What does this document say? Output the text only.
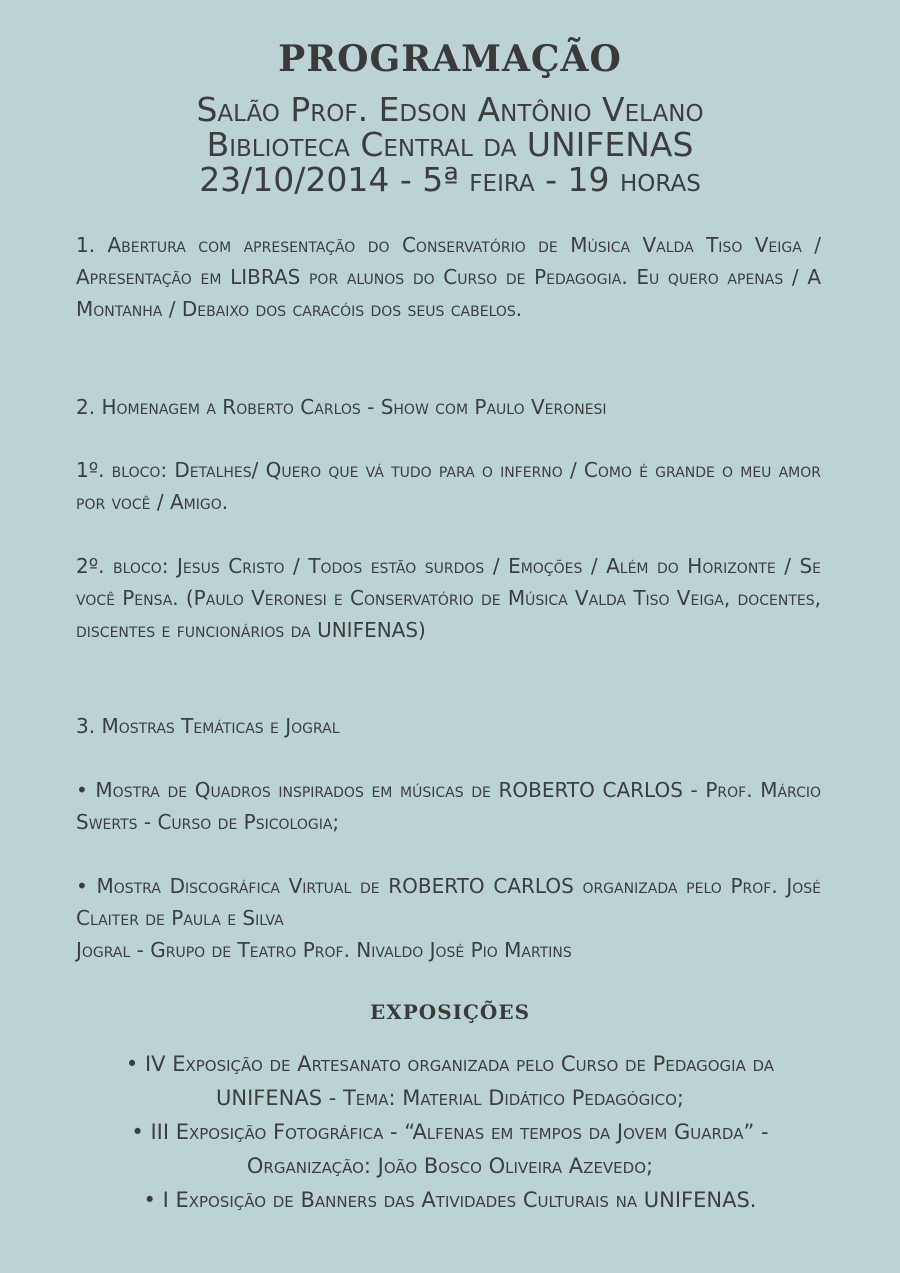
PROGRAMAÇÃO
Salão Prof. Edson Antônio Velano
Biblioteca Central da UNIFENAS
23/10/2014 - 5ª feira - 19 horas
1. Abertura com apresentação do Conservatório de Música Valda Tiso Veiga / Apresentação em LIBRAS por alunos do Curso de Pedagogia. Eu quero apenas / A Montanha / Debaixo dos caracóis dos seus cabelos.
2. Homenagem a Roberto Carlos - Show com Paulo Veronesi
1º. bloco: Detalhes/ Quero que vá tudo para o inferno / Como é grande o meu amor por você / Amigo.
2º. bloco: Jesus Cristo / Todos estão surdos / Emoções / Além do Horizonte / Se você Pensa. (Paulo Veronesi e Conservatório de Música Valda Tiso Veiga, docentes, discentes e funcionários da UNIFENAS)
3. Mostras Temáticas e Jogral
• Mostra de Quadros inspirados em músicas de ROBERTO CARLOS - Prof. Márcio Swerts - Curso de Psicologia;
• Mostra Discográfica Virtual de ROBERTO CARLOS organizada pelo Prof. José Claiter de Paula e Silva
Jogral - Grupo de Teatro Prof. Nivaldo José Pio Martins
EXPOSIÇÕES
• IV Exposição de Artesanato organizada pelo Curso de Pedagogia da
UNIFENAS - Tema: Material Didático Pedagógico;
• III Exposição Fotográfica - “Alfenas em tempos da Jovem Guarda” -
Organização: João Bosco Oliveira Azevedo;
• I Exposição de Banners das Atividades Culturais na UNIFENAS.
